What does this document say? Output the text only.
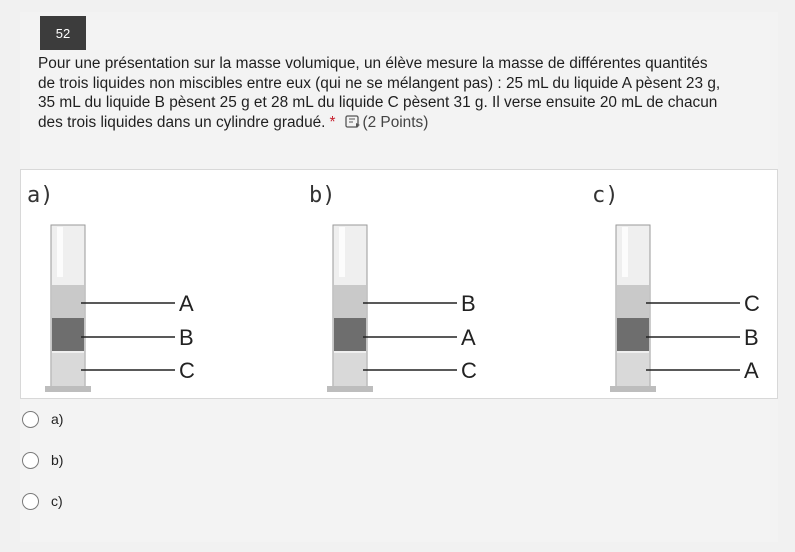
52
Pour une présentation sur la masse volumique, un élève mesure la masse de différentes quantités de trois liquides non miscibles entre eux (qui ne se mélangent pas) : 25 mL du liquide A pèsent 23 g, 35 mL du liquide B pèsent 25 g et 28 mL du liquide C pèsent 31 g. Il verse ensuite 20 mL de chacun des trois liquides dans un cylindre gradué. * (2 Points)
a)
A
B
C
b)
B
A
C
c)
C
B
A
a)
b)
c)
